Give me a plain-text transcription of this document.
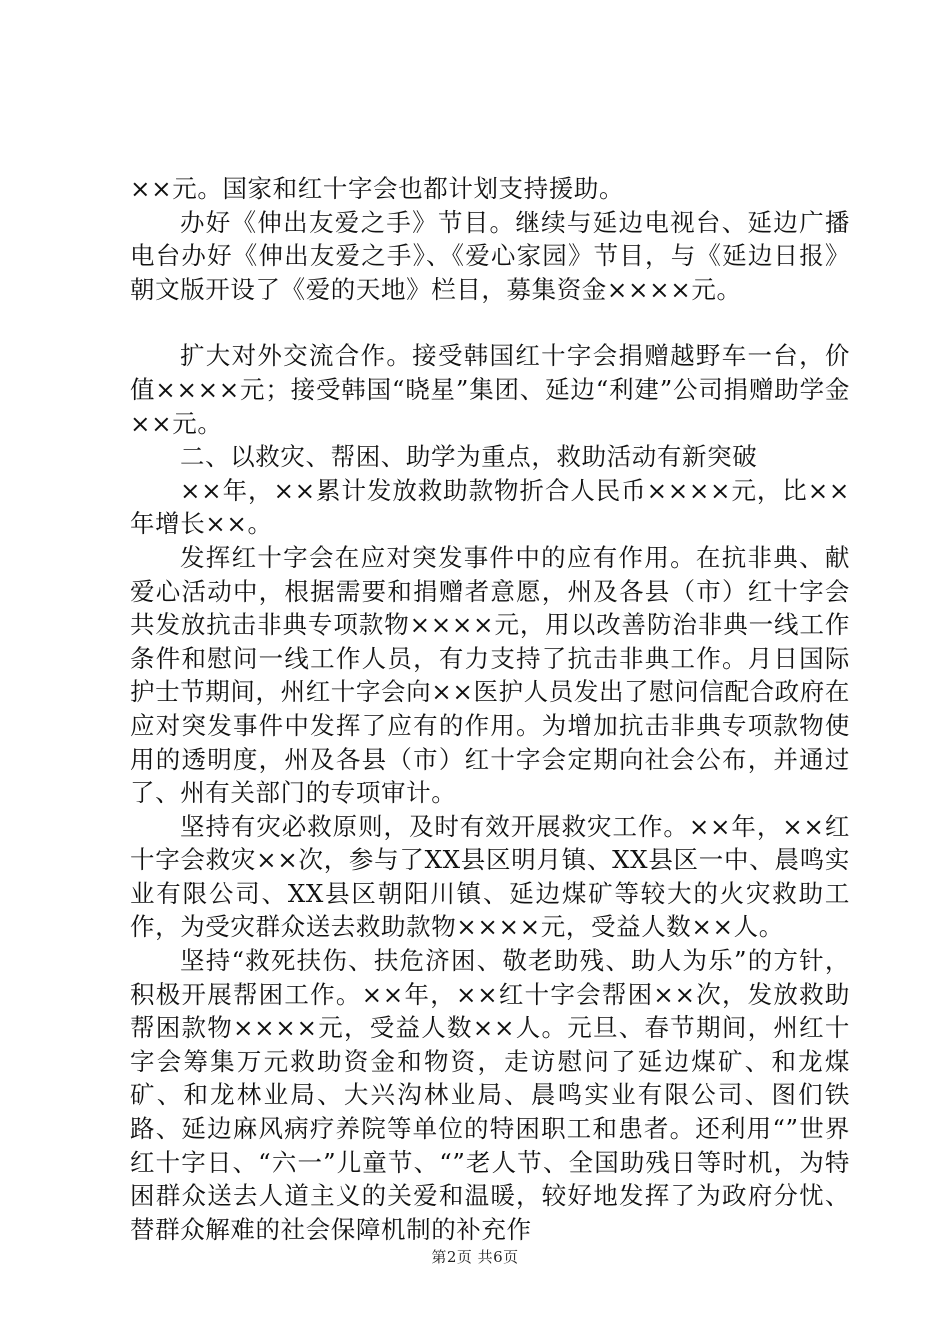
××元。国家和红十字会也都计划支持援助。

办好《伸出友爱之手》节目。继续与延边电视台、延边广播电台办好《伸出友爱之手》、《爱心家园》节目，与《延边日报》朝文版开设了《爱的天地》栏目，募集资金××××元。

扩大对外交流合作。接受韩国红十字会捐赠越野车一台，价值××××元；接受韩国“晓星”集团、延边“利建”公司捐赠助学金××元。

二、以救灾、帮困、助学为重点，救助活动有新突破

××年，××累计发放救助款物折合人民币××××元，比××年增长××。

发挥红十字会在应对突发事件中的应有作用。在抗非典、献爱心活动中，根据需要和捐赠者意愿，州及各县（市）红十字会共发放抗击非典专项款物××××元，用以改善防治非典一线工作条件和慰问一线工作人员，有力支持了抗击非典工作。月日国际护士节期间，州红十字会向××医护人员发出了慰问信配合政府在应对突发事件中发挥了应有的作用。为增加抗击非典专项款物使用的透明度，州及各县（市）红十字会定期向社会公布，并通过了、州有关部门的专项审计。

坚持有灾必救原则，及时有效开展救灾工作。××年，××红十字会救灾××次，参与了XX县区明月镇、XX县区一中、晨鸣实业有限公司、XX县区朝阳川镇、延边煤矿等较大的火灾救助工作，为受灾群众送去救助款物××××元，受益人数××人。

坚持“救死扶伤、扶危济困、敬老助残、助人为乐”的方针，积极开展帮困工作。××年，××红十字会帮困××次，发放救助帮困款物××××元，受益人数××人。元旦、春节期间，州红十字会筹集万元救助资金和物资，走访慰问了延边煤矿、和龙煤矿、和龙林业局、大兴沟林业局、晨鸣实业有限公司、图们铁路、延边麻风病疗养院等单位的特困职工和患者。还利用“”世界红十字日、“六一”儿童节、“”老人节、全国助残日等时机，为特困群众送去人道主义的关爱和温暖，较好地发挥了为政府分忧、替群众解难的社会保障机制的补充作

第2页 共6页
